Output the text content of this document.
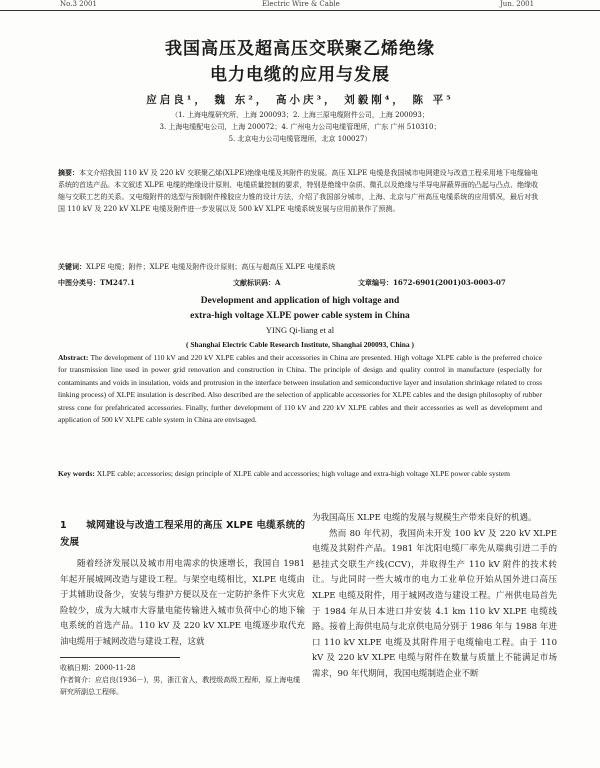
No.3 2001	Electric Wire & Cable	Jun. 2001
我国高压及超高压交联聚乙烯绝缘
电力电缆的应用与发展
应启良¹， 魏 东²， 高小庆³， 刘毅刚⁴， 陈 平⁵
（1. 上海电缆研究所，上海 200093；2. 上海三原电缆附件公司，上海 200093；
3. 上海电缆配电公司，上海 200072；4. 广州电力公司电缆管理所，广东 广州 510310；
5. 北京电力公司电缆管理所，北京 100027）
摘要：本文介绍我国 110 kV 及 220 kV 交联聚乙烯(XLPE)绝缘电缆及其附件的发展。高压 XLPE 电缆是我国城市电网建设与改造工程采用地下电缆输电系统的首选产品。本文叙述 XLPE 电缆的绝缘设计原则、电缆质量控制的要求，特别是绝缘中杂质、微孔以及绝缘与半导电屏蔽界面的凸起与凸点、绝缘收缩与交联工艺的关系。又电缆附件的选型与预制附件橡胶应力锥的设计方法，介绍了我国部分城市，上海、北京与广州高压电缆系统的应用情况，最后对我国 110 kV 及 220 kV XLPE 电缆及附件进一步发展以及 500 kV XLPE 电缆系统发展与应用前景作了预测。
关键词：XLPE 电缆；附件；XLPE 电缆及附件设计原则；高压与超高压 XLPE 电缆系统
中图分类号：TM247.1	文献标识码：A	文章编号：1672-6901(2001)03-0003-07
Development and application of high voltage and
extra-high voltage XLPE power cable system in China
YING Qi-liang et al
( Shanghai Electric Cable Research Institute, Shanghai 200093, China )
Abstract: The development of 110 kV and 220 kV XLPE cables and their accessories in China are presented. High voltage XLPE cable is the preferred choice for transmission line used in power grid renovation and construction in China. The principle of design and quality control in manufacture (especially for contaminants and voids in insulation, voids and protrusion in the interface between insulation and semiconductive layer and insulation shrinkage related to cross linking process) of XLPE insulation is described. Also described are the selection of applicable accessories for XLPE cables and the design philosophy of rubber stress cone for prefabricated accessories. Finally, further development of 110 kV and 220 kV XLPE cables and their accessories as well as development and application of 500 kV XLPE cable system in China are envisaged.
Key words: XLPE cable; accessories; design principle of XLPE cable and accessories; high voltage and extra-high voltage XLPE power cable system
1 城网建设与改造工程采用的高压 XLPE 电缆系统的发展

随着经济发展以及城市用电需求的快速增长，我国自 1981 年起开展城网改造与建设工程。与架空电缆相比，XLPE 电缆由于其辅助设备少，安装与维护方便以及在一定防护条件下火灾危险较少，成为大城市大容量电能传输进入城市负荷中心的地下输电系统的首选产品。110 kV 及 220 kV XLPE 电缆逐步取代充油电缆用于城网改造与建设工程，这就

收稿日期：2000-11-28
作者简介：应启良(1936－)，男，浙江省人，教授级高级工程师，原上海电缆研究所副总工程师。

为我国高压 XLPE 电缆的发展与规模生产带来良好的机遇。

然而 80 年代初，我国尚未开发 100 kV 及 220 kV XLPE 电缆及其附件产品。1981 年沈阳电缆厂率先从瑞典引进二手的悬挂式交联生产线(CCV)，并取得生产 110 kV 附件的技术转让。与此同时一些大城市的电力工业单位开始从国外进口高压 XLPE 电缆及附件，用于城网改造与建设工程。广州供电局首先于 1984 年从日本进口并安装 4.1 km 110 kV XLPE 电缆线路。接着上海供电局与北京供电局分别于 1986 年与 1988 年进口 110 kV XLPE 电缆及其附件用于电缆输电工程。由于 110 kV 及 220 kV XLPE 电缆与附件在数量与质量上不能满足市场需求，90 年代期间，我国电缆制造企业不断
